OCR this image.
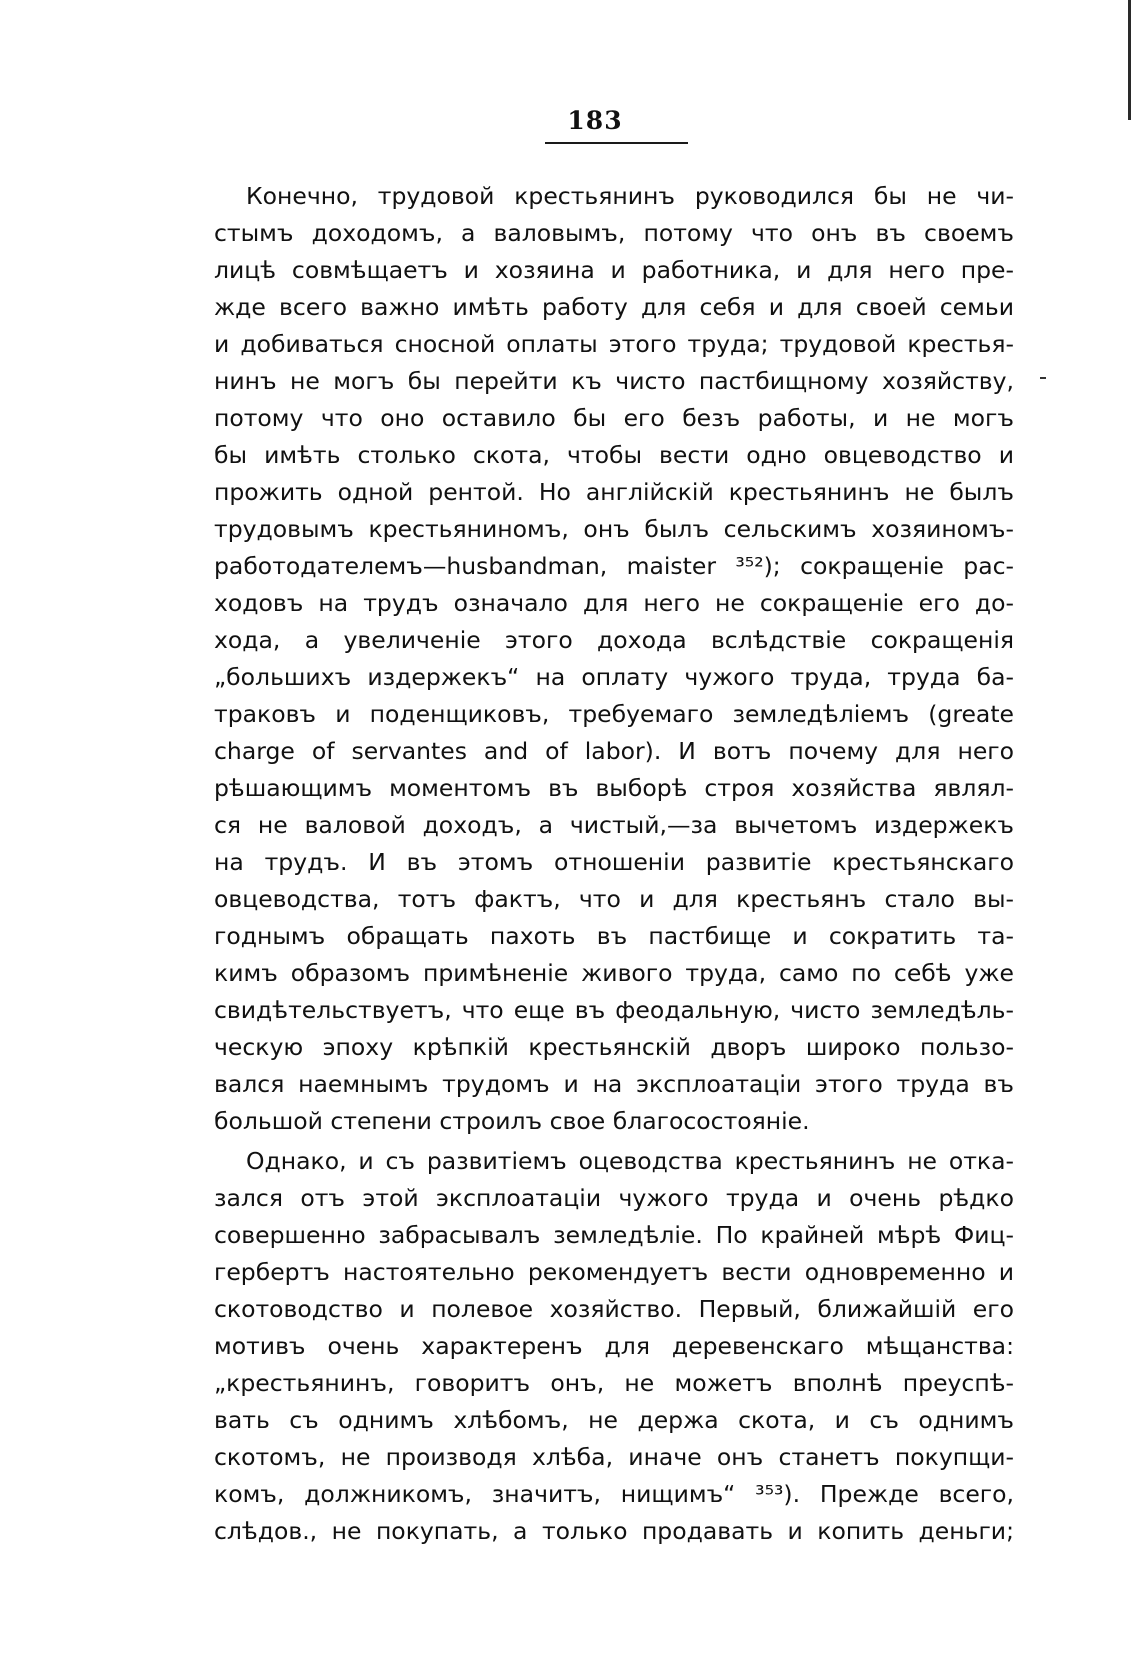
183
Конечно, трудовой крестьянинъ руководился бы не чи-
стымъ доходомъ, а валовымъ, потому что онъ въ своемъ
лицѣ совмѣщаетъ и хозяина и работника, и для него пре-
жде всего важно имѣть работу для себя и для своей семьи
и добиваться сносной оплаты этого труда; трудовой крестья-
нинъ не могъ бы перейти къ чисто пастбищному хозяйству,
потому что оно оставило бы его безъ работы, и не могъ
бы имѣть столько скота, чтобы вести одно овцеводство и
прожить одной рентой. Но англійскій крестьянинъ не былъ
трудовымъ крестьяниномъ, онъ былъ сельскимъ хозяиномъ-
работодателемъ—husbandman, maister ³⁵²); сокращеніе рас-
ходовъ на трудъ означало для него не сокращеніе его до-
хода, а увеличеніе этого дохода вслѣдствіе сокращенія
„большихъ издержекъ“ на оплату чужого труда, труда ба-
траковъ и поденщиковъ, требуемаго земледѣліемъ (greate
charge of servantes and of labor). И вотъ почему для него
рѣшающимъ моментомъ въ выборѣ строя хозяйства являл-
ся не валовой доходъ, а чистый,—за вычетомъ издержекъ
на трудъ. И въ этомъ отношеніи развитіе крестьянскаго
овцеводства, тотъ фактъ, что и для крестьянъ стало вы-
годнымъ обращать пахоть въ пастбище и сократить та-
кимъ образомъ примѣненіе живого труда, само по себѣ уже
свидѣтельствуетъ, что еще въ феодальную, чисто земледѣль-
ческую эпоху крѣпкій крестьянскій дворъ широко пользо-
вался наемнымъ трудомъ и на эксплоатаціи этого труда въ
большой степени строилъ свое благосостояніе.
Однако, и съ развитіемъ оцеводства крестьянинъ не отка-
зался отъ этой эксплоатаціи чужого труда и очень рѣдко
совершенно забрасывалъ земледѣліе. По крайней мѣрѣ Фиц-
гербертъ настоятельно рекомендуетъ вести одновременно и
скотоводство и полевое хозяйство. Первый, ближайшій его
мотивъ очень характеренъ для деревенскаго мѣщанства:
„крестьянинъ, говоритъ онъ, не можетъ вполнѣ преуспѣ-
вать съ однимъ хлѣбомъ, не держа скота, и съ однимъ
скотомъ, не производя хлѣба, иначе онъ станетъ покупщи-
комъ, должникомъ, значитъ, нищимъ“ ³⁵³). Прежде всего,
слѣдов., не покупать, а только продавать и копить деньги;
